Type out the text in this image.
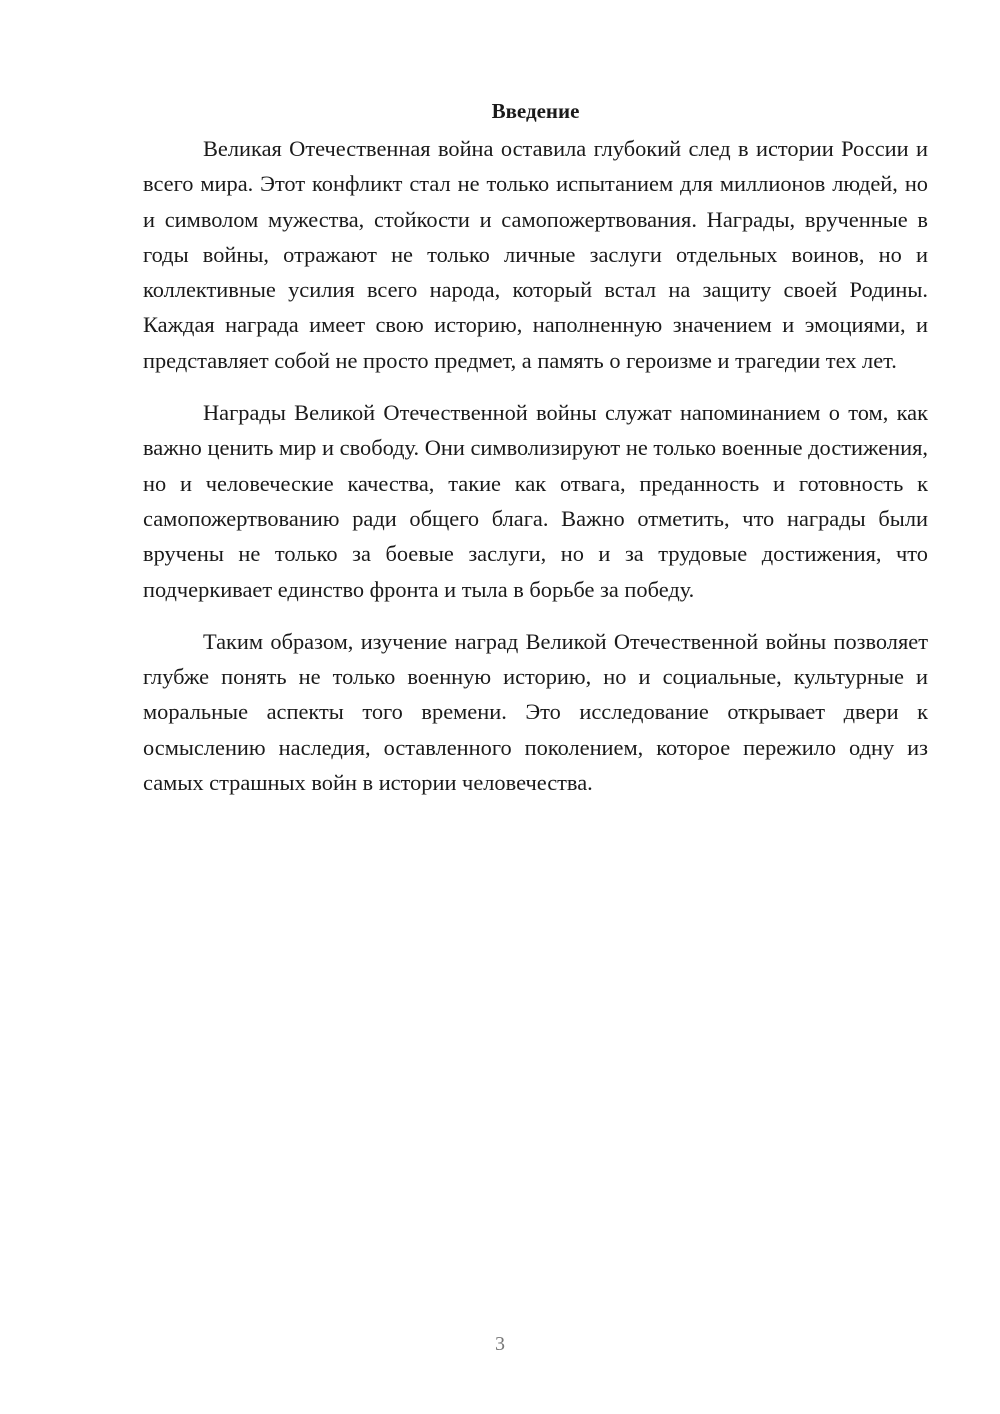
Введение

Великая Отечественная война оставила глубокий след в истории России и всего мира. Этот конфликт стал не только испытанием для миллионов людей, но и символом мужества, стойкости и самопожертвования. Награды, врученные в годы войны, отражают не только личные заслуги отдельных воинов, но и коллективные усилия всего народа, который встал на защиту своей Родины. Каждая награда имеет свою историю, наполненную значением и эмоциями, и представляет собой не просто предмет, а память о героизме и трагедии тех лет.

Награды Великой Отечественной войны служат напоминанием о том, как важно ценить мир и свободу. Они символизируют не только военные достижения, но и человеческие качества, такие как отвага, преданность и готовность к самопожертвованию ради общего блага. Важно отметить, что награды были вручены не только за боевые заслуги, но и за трудовые достижения, что подчеркивает единство фронта и тыла в борьбе за победу.

Таким образом, изучение наград Великой Отечественной войны позволяет глубже понять не только военную историю, но и социальные, культурные и моральные аспекты того времени. Это исследование открывает двери к осмыслению наследия, оставленного поколением, которое пережило одну из самых страшных войн в истории человечества.

3
